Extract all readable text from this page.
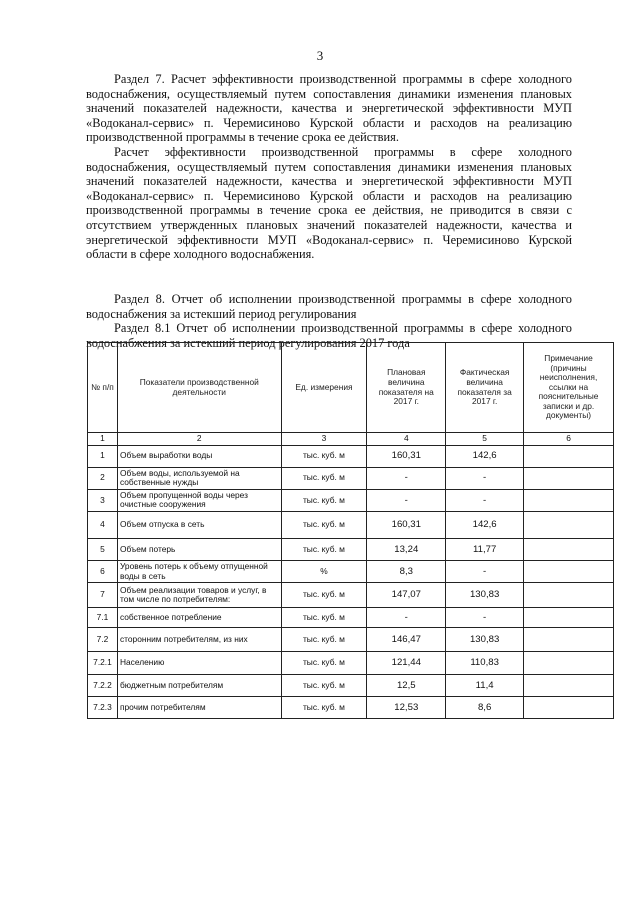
3

Раздел 7. Расчет эффективности производственной программы в сфере холодного водоснабжения, осуществляемый путем сопоставления динамики изменения плановых значений показателей надежности, качества и энергетической эффективности МУП «Водоканал-сервис» п. Черемисиново Курской области и расходов на реализацию производственной программы в течение срока ее действия.

Расчет эффективности производственной программы в сфере холодного водоснабжения, осуществляемый путем сопоставления динамики изменения плановых значений показателей надежности, качества и энергетической эффективности МУП «Водоканал-сервис» п. Черемисиново Курской области и расходов на реализацию производственной программы в течение срока ее действия, не приводится в связи с отсутствием утвержденных плановых значений показателей надежности, качества и энергетической эффективности МУП «Водоканал-сервис» п. Черемисиново Курской области в сфере холодного водоснабжения.

Раздел 8. Отчет об исполнении производственной программы в сфере холодного водоснабжения за истекший период регулирования

Раздел 8.1 Отчет об исполнении производственной программы в сфере холодного водоснабжения за истекший период регулирования 2017 года

№ п/п	Показатели производственной деятельности	Ед. измерения	Плановая величина показателя на 2017 г.	Фактическая величина показателя за 2017 г.	Примечание (причины неисполнения, ссылки на пояснительные записки и др. документы)
1	2	3	4	5	6
1	Объем выработки воды	тыс. куб. м	160,31	142,6	
2	Объем воды, используемой на собственные нужды	тыс. куб. м	-	-	
3	Объем пропущенной воды через очистные сооружения	тыс. куб. м	-	-	
4	Объем отпуска в сеть	тыс. куб. м	160,31	142,6	
5	Объем потерь	тыс. куб. м	13,24	11,77	
6	Уровень потерь к объему отпущенной воды в сеть	%	8,3	-	
7	Объем реализации товаров и услуг, в том числе по потребителям:	тыс. куб. м	147,07	130,83	
7.1	собственное потребление	тыс. куб. м	-	-	
7.2	сторонним потребителям, из них	тыс. куб. м	146,47	130,83	
7.2.1	Населению	тыс. куб. м	121,44	110,83	
7.2.2	бюджетным потребителям	тыс. куб. м	12,5	11,4	
7.2.3	прочим потребителям	тыс. куб. м	12,53	8,6	
